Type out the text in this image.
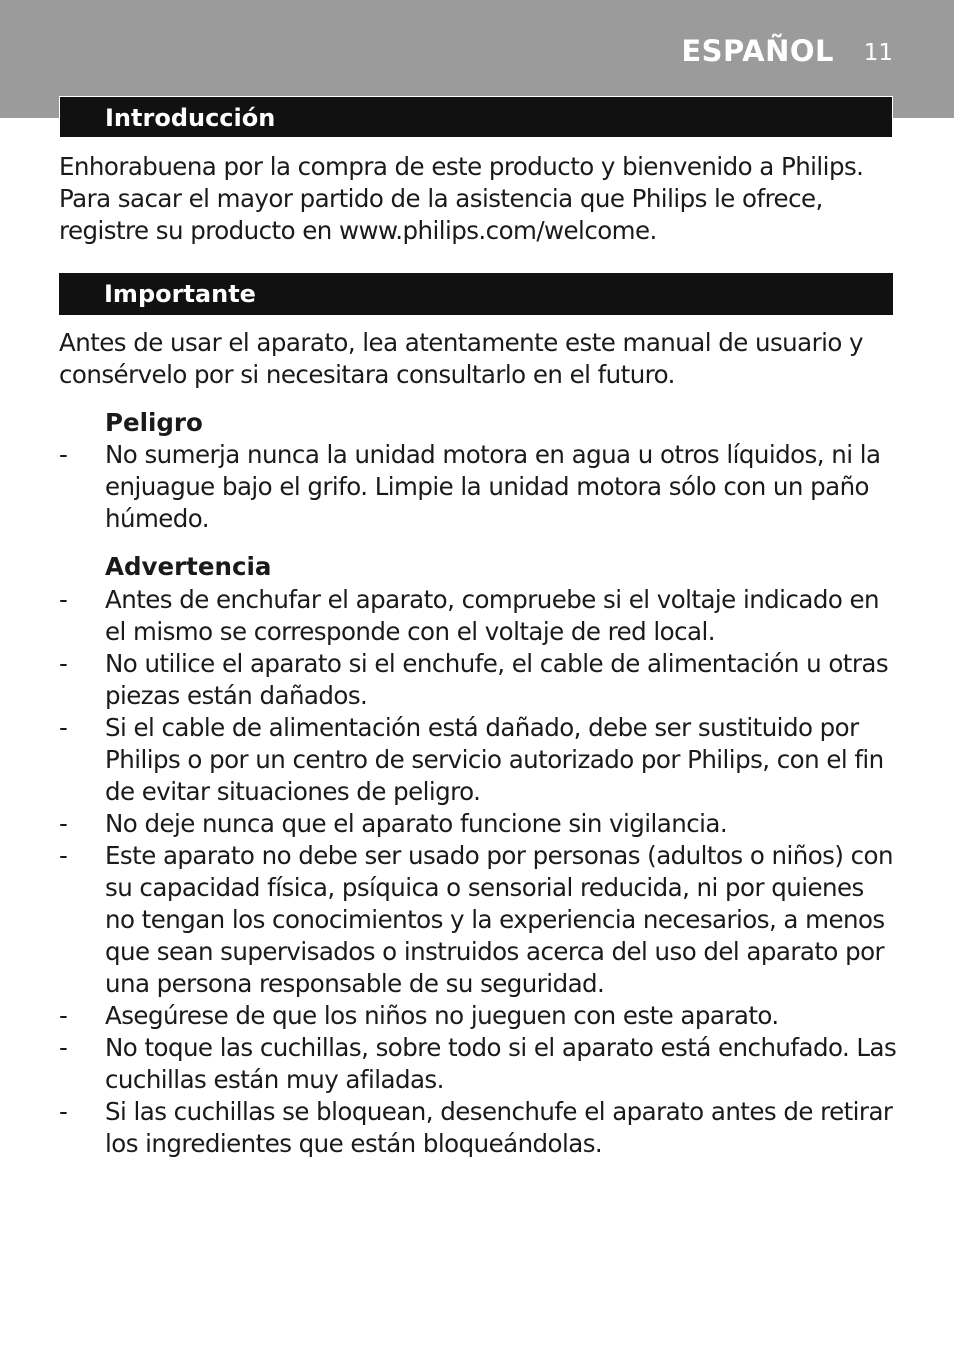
ESPAÑOL 11
Introducción

Enhorabuena por la compra de este producto y bienvenido a Philips. Para sacar el mayor partido de la asistencia que Philips le ofrece, registre su producto en www.philips.com/welcome.

Importante

Antes de usar el aparato, lea atentamente este manual de usuario y consérvelo por si necesitara consultarlo en el futuro.

Peligro
- No sumerja nunca la unidad motora en agua u otros líquidos, ni la enjuague bajo el grifo. Limpie la unidad motora sólo con un paño húmedo.
Advertencia
- Antes de enchufar el aparato, compruebe si el voltaje indicado en el mismo se corresponde con el voltaje de red local.
- No utilice el aparato si el enchufe, el cable de alimentación u otras piezas están dañados.
- Si el cable de alimentación está dañado, debe ser sustituido por Philips o por un centro de servicio autorizado por Philips, con el fin de evitar situaciones de peligro.
- No deje nunca que el aparato funcione sin vigilancia.
- Este aparato no debe ser usado por personas (adultos o niños) con su capacidad física, psíquica o sensorial reducida, ni por quienes no tengan los conocimientos y la experiencia necesarios, a menos que sean supervisados o instruidos acerca del uso del aparato por una persona responsable de su seguridad.
- Asegúrese de que los niños no jueguen con este aparato.
- No toque las cuchillas, sobre todo si el aparato está enchufado. Las cuchillas están muy afiladas.
- Si las cuchillas se bloquean, desenchufe el aparato antes de retirar los ingredientes que están bloqueándolas.
